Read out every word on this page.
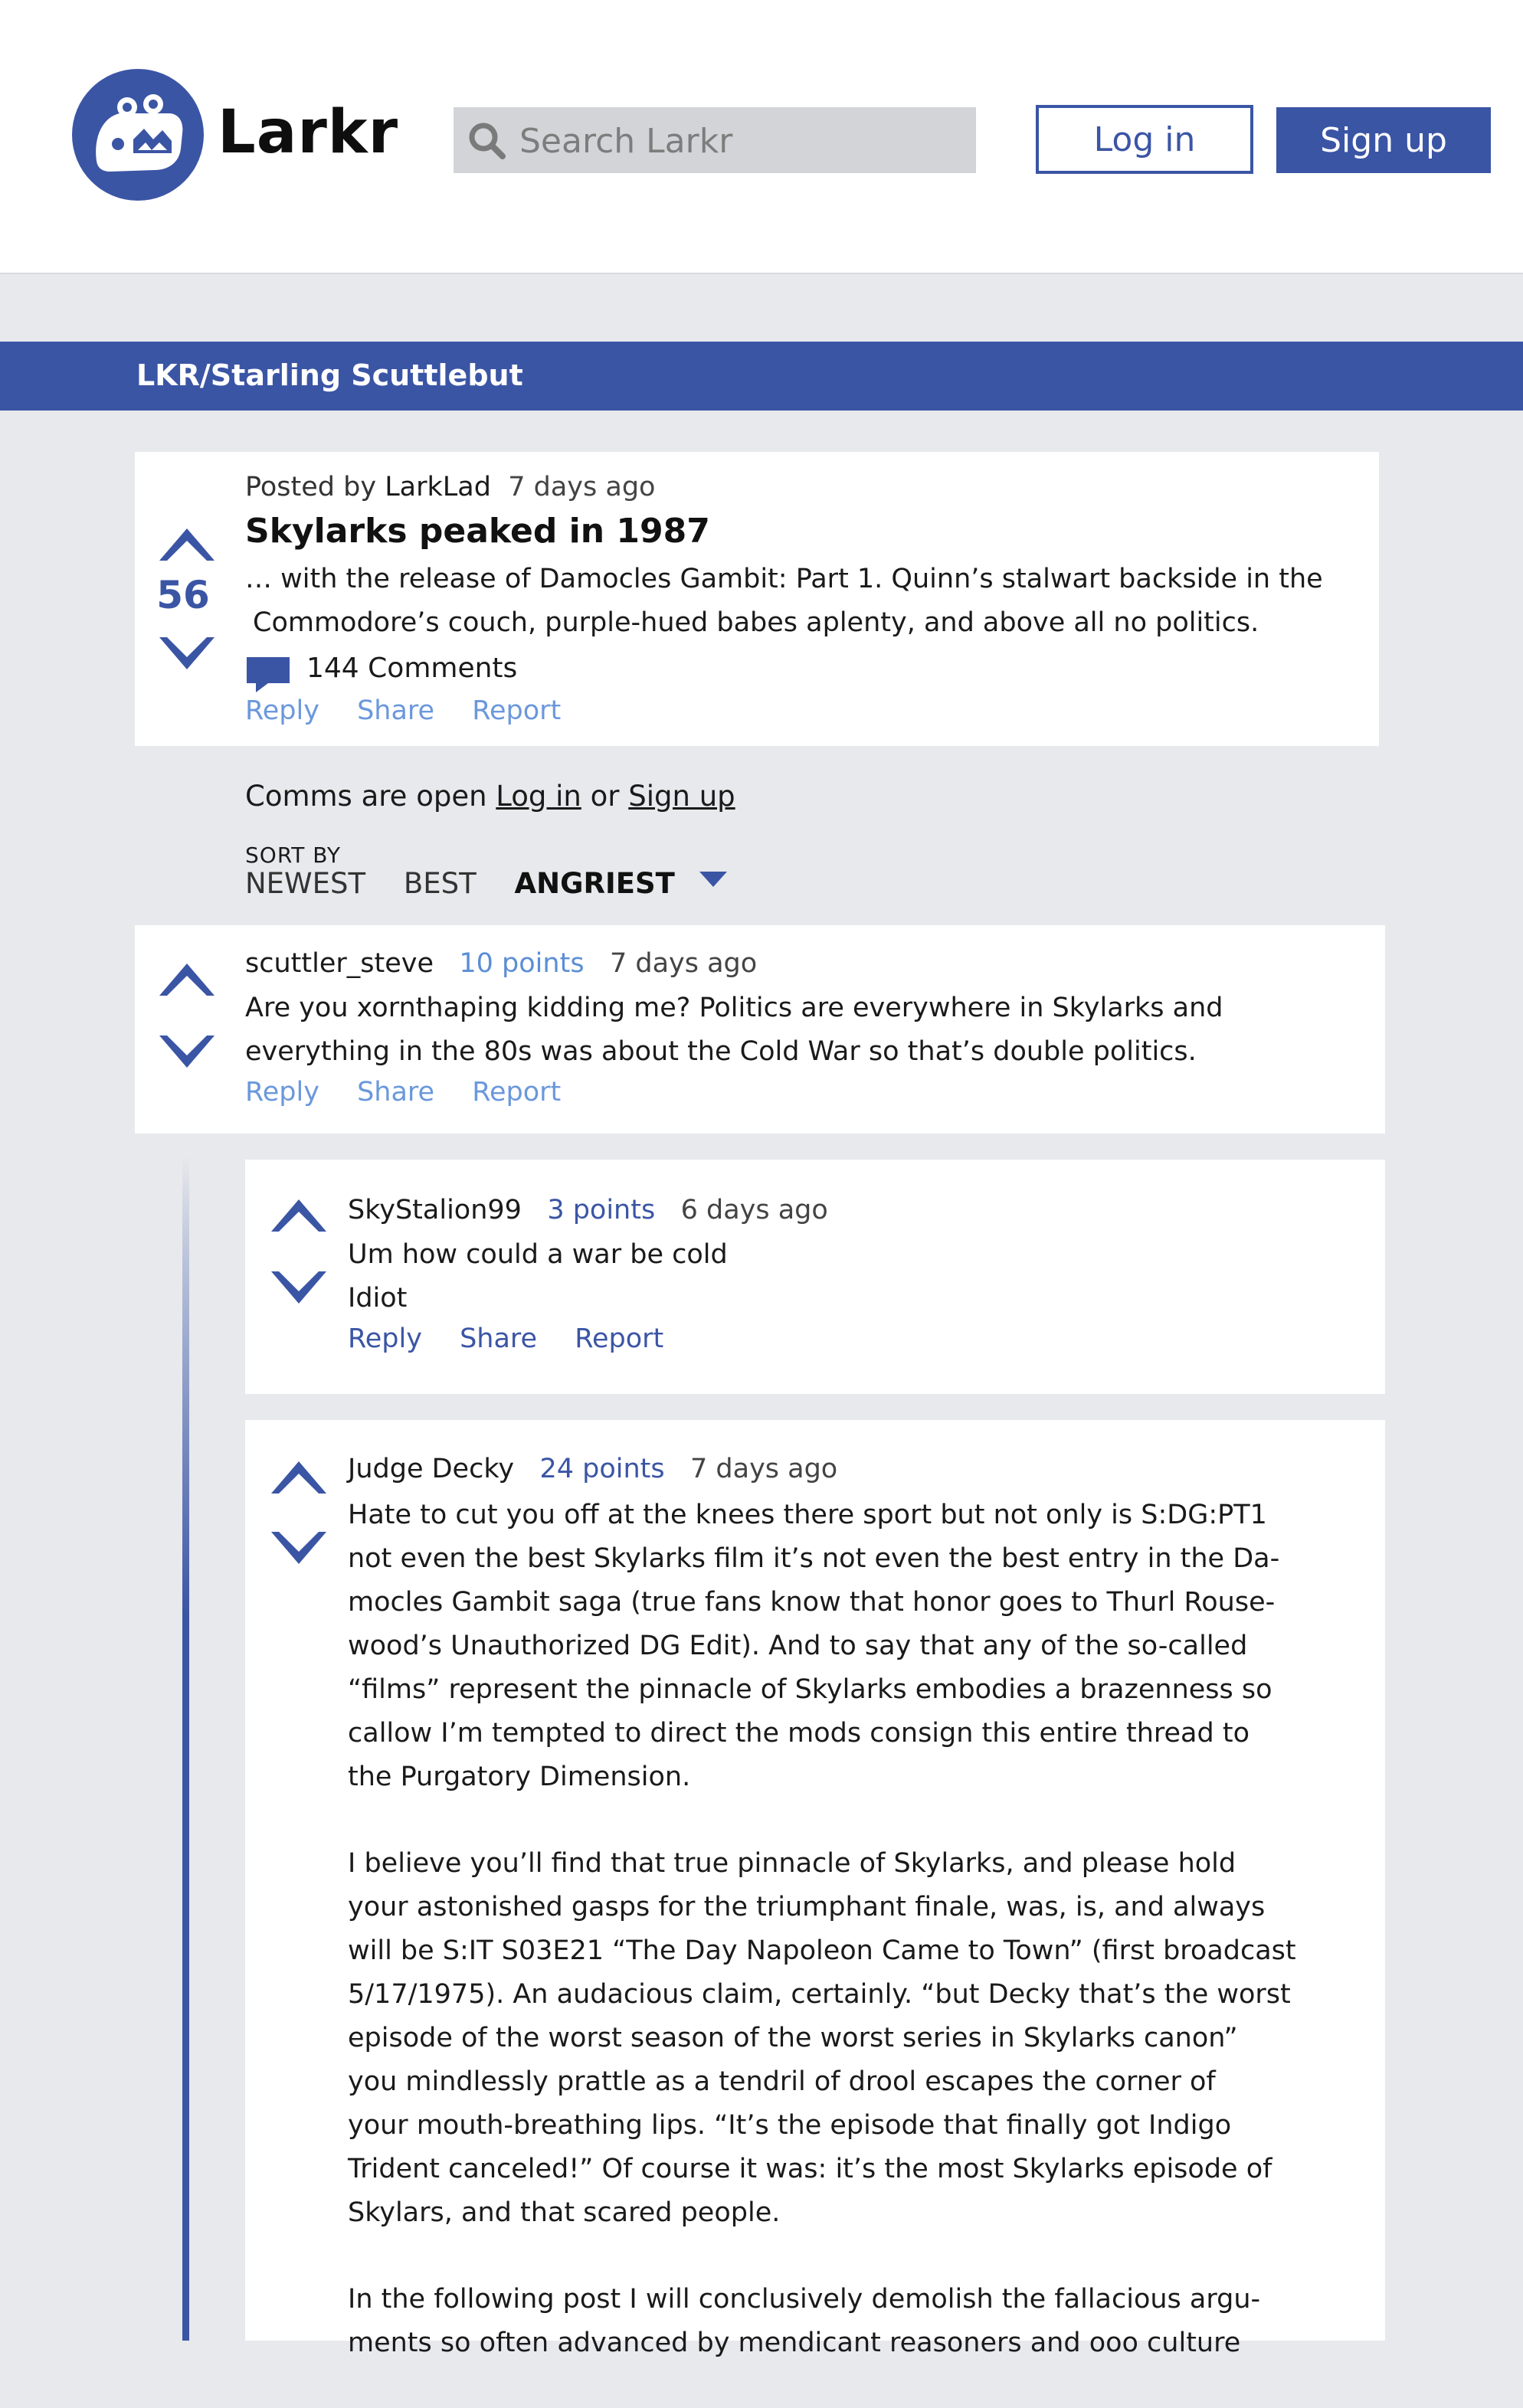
Larkr
Search Larkr	Log in	Sign up
LKR/Starling Scuttlebut
56
Posted by LarkLad 7 days ago
Skylarks peaked in 1987
… with the release of Damocles Gambit: Part 1. Quinn’s stalwart backside in the
Commodore’s couch, purple-hued babes aplenty, and above all no politics.
144 Comments
Reply Share Report
Comms are open Log in or Sign up
SORT BY
NEWEST BEST ANGRIEST
scuttler_steve 10 points 7 days ago
Are you xornthaping kidding me? Politics are everywhere in Skylarks and
everything in the 80s was about the Cold War so that’s double politics.
Reply Share Report
SkyStalion99 3 points 6 days ago
Um how could a war be cold
Idiot
Reply Share Report
Judge Decky 24 points 7 days ago

Hate to cut you off at the knees there sport but not only is S:DG:PT1
not even the best Skylarks film it’s not even the best entry in the Da-
mocles Gambit saga (true fans know that honor goes to Thurl Rouse-
wood’s Unauthorized DG Edit). And to say that any of the so-called
“films” represent the pinnacle of Skylarks embodies a brazenness so
callow I’m tempted to direct the mods consign this entire thread to
the Purgatory Dimension.

I believe you’ll find that true pinnacle of Skylarks, and please hold
your astonished gasps for the triumphant finale, was, is, and always
will be S:IT S03E21 “The Day Napoleon Came to Town” (first broadcast
5/17/1975). An audacious claim, certainly. “but Decky that’s the worst
episode of the worst season of the worst series in Skylarks canon”
you mindlessly prattle as a tendril of drool escapes the corner of
your mouth-breathing lips. “It’s the episode that finally got Indigo
Trident canceled!” Of course it was: it’s the most Skylarks episode of
Skylars, and that scared people.

In the following post I will conclusively demolish the fallacious argu-
ments so often advanced by mendicant reasoners and ooo culture
